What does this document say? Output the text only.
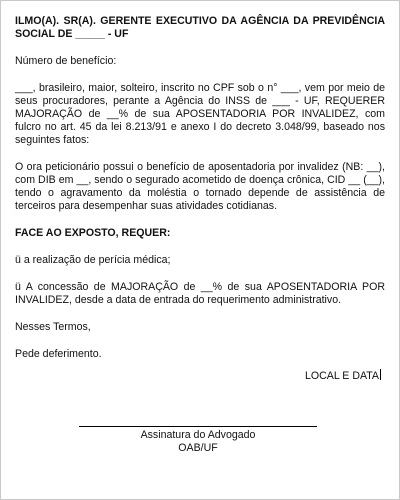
ILMO(A). SR(A). GERENTE EXECUTIVO DA AGÊNCIA DA PREVIDÊNCIA SOCIAL DE _____ - UF

Número de benefício:

___, brasileiro, maior, solteiro, inscrito no CPF sob o n° ___, vem por meio de seus procuradores, perante a Agência do INSS de ___ - UF, REQUERER MAJORAÇÃO de __% de sua APOSENTADORIA POR INVALIDEZ, com fulcro no art. 45 da lei 8.213/91 e anexo I do decreto 3.048/99, baseado nos seguintes fatos:

O ora peticionário possui o benefício de aposentadoria por invalidez (NB: __), com DIB em __, sendo o segurado acometido de doença crônica, CID __ (__), tendo o agravamento da moléstia o tornado depende de assistência de terceiros para desempenhar suas atividades cotidianas.

FACE AO EXPOSTO, REQUER:

ü a realização de perícia médica;

ü A concessão de MAJORAÇÃO de __% de sua APOSENTADORIA POR INVALIDEZ, desde a data de entrada do requerimento administrativo.

Nesses Termos,

Pede deferimento.

LOCAL E DATA

Assinatura do Advogado
OAB/UF
